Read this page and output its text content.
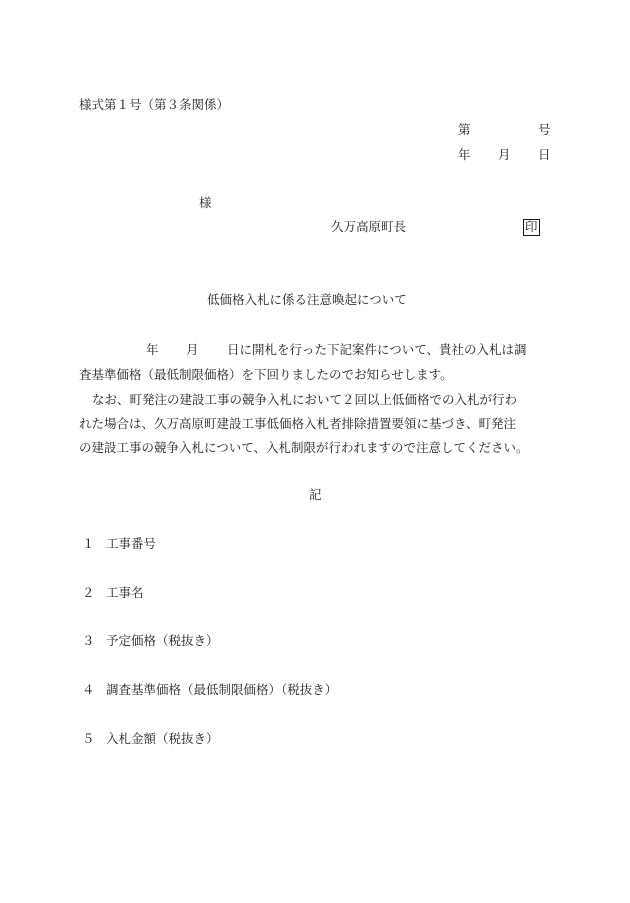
様式第１号（第３条関係）
第	号
年 月 日
様
久万高原町長	印
低価格入札に係る注意喚起について
年 月 日に開札を行った下記案件について、貴社の入札は調
査基準価格（最低制限価格）を下回りましたのでお知らせします。
なお、町発注の建設工事の競争入札において２回以上低価格での入札が行わ
れた場合は、久万高原町建設工事低価格入札者排除措置要領に基づき、町発注
の建設工事の競争入札について、入札制限が行われますので注意してください。
記
１ 工事番号
２ 工事名
３ 予定価格（税抜き）
４ 調査基準価格（最低制限価格）（税抜き）
５ 入札金額（税抜き）
